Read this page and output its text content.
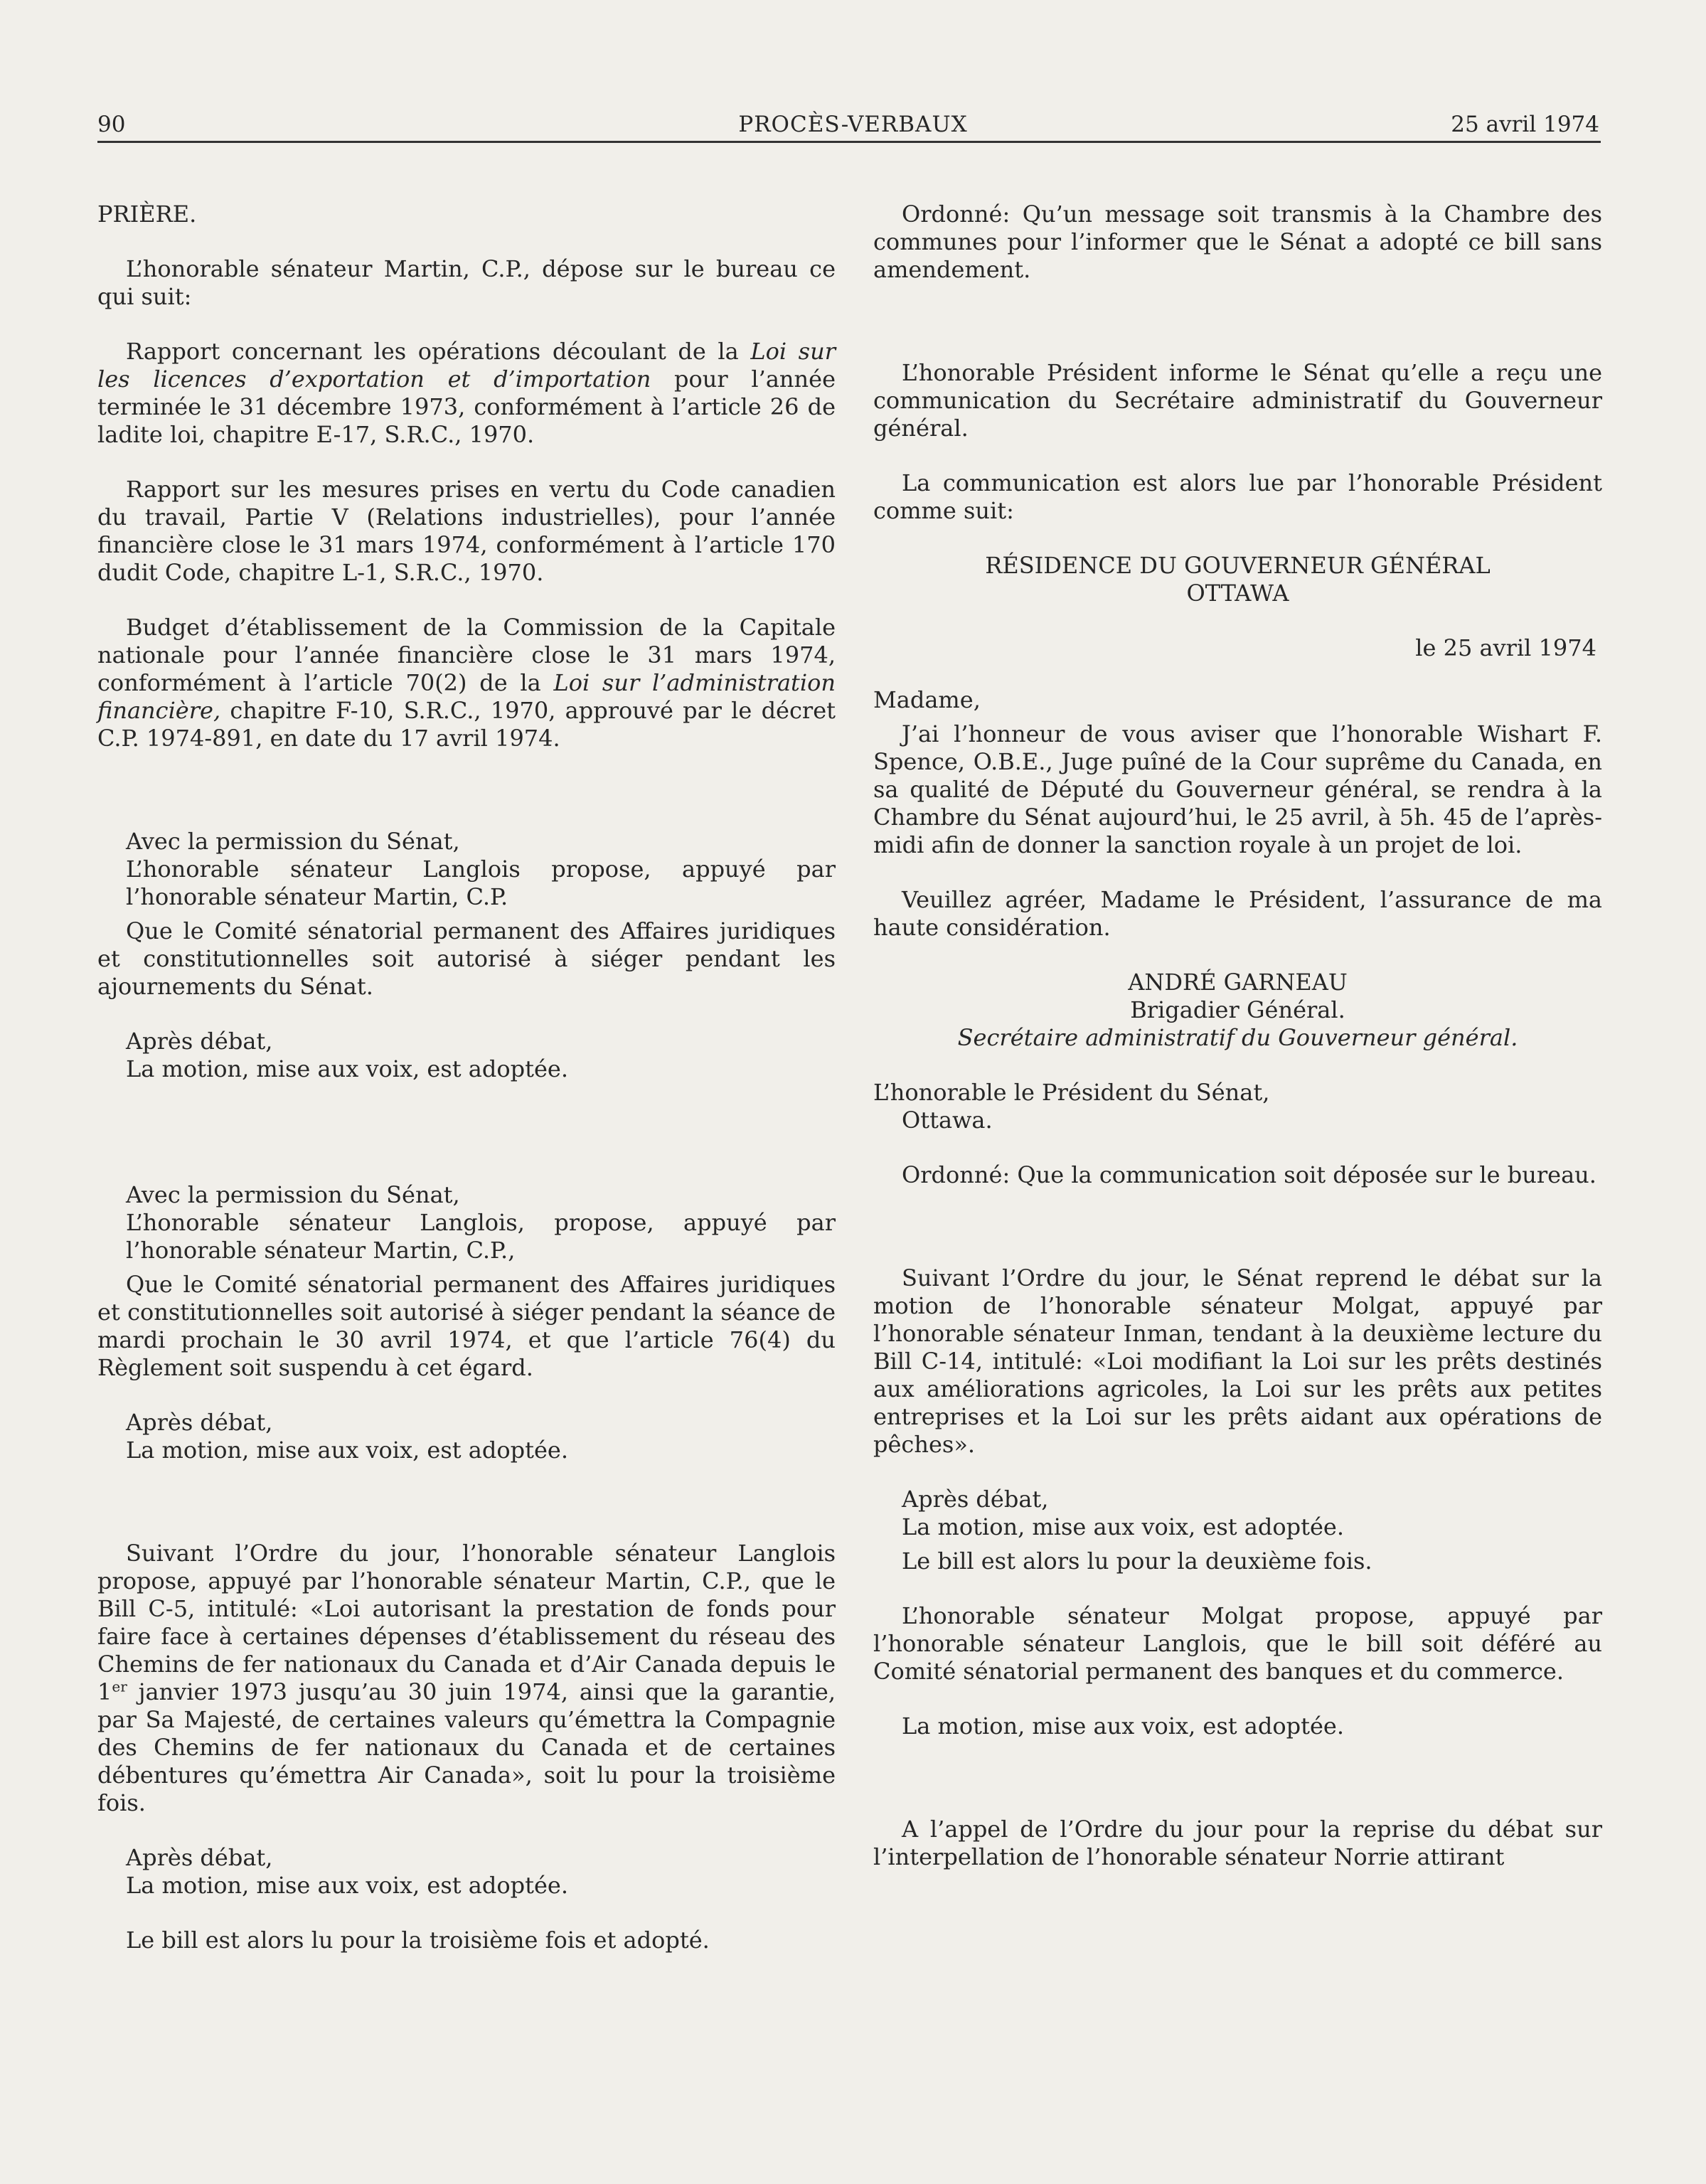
PROCÈS-VERBAUX
90	25 avril 1974

PRIÈRE.

L’honorable sénateur Martin, C.P., dépose sur le bureau ce qui suit:

Rapport concernant les opérations découlant de la Loi sur les licences d’exportation et d’importation pour l’année terminée le 31 décembre 1973, conformément à l’article 26 de ladite loi, chapitre E-17, S.R.C., 1970.

Rapport sur les mesures prises en vertu du Code canadien du travail, Partie V (Relations industrielles), pour l’année financière close le 31 mars 1974, conformément à l’article 170 dudit Code, chapitre L-1, S.R.C., 1970.

Budget d’établissement de la Commission de la Capitale nationale pour l’année financière close le 31 mars 1974, conformément à l’article 70(2) de la Loi sur l’administration financière, chapitre F-10, S.R.C., 1970, approuvé par le décret C.P. 1974-891, en date du 17 avril 1974.

Avec la permission du Sénat,
L’honorable sénateur Langlois propose, appuyé par l’honorable sénateur Martin, C.P.

Que le Comité sénatorial permanent des Affaires juridiques et constitutionnelles soit autorisé à siéger pendant les ajournements du Sénat.

Après débat,
La motion, mise aux voix, est adoptée.

Avec la permission du Sénat,
L’honorable sénateur Langlois, propose, appuyé par l’honorable sénateur Martin, C.P.,

Que le Comité sénatorial permanent des Affaires juridiques et constitutionnelles soit autorisé à siéger pendant la séance de mardi prochain le 30 avril 1974, et que l’article 76(4) du Règlement soit suspendu à cet égard.

Après débat,
La motion, mise aux voix, est adoptée.

Suivant l’Ordre du jour, l’honorable sénateur Langlois propose, appuyé par l’honorable sénateur Martin, C.P., que le Bill C-5, intitulé: «Loi autorisant la prestation de fonds pour faire face à certaines dépenses d’établissement du réseau des Chemins de fer nationaux du Canada et d’Air Canada depuis le 1er janvier 1973 jusqu’au 30 juin 1974, ainsi que la garantie, par Sa Majesté, de certaines valeurs qu’émettra la Compagnie des Chemins de fer nationaux du Canada et de certaines débentures qu’émettra Air Canada», soit lu pour la troisième fois.

Après débat,
La motion, mise aux voix, est adoptée.

Le bill est alors lu pour la troisième fois et adopté.

Ordonné: Qu’un message soit transmis à la Chambre des communes pour l’informer que le Sénat a adopté ce bill sans amendement.

L’honorable Président informe le Sénat qu’elle a reçu une communication du Secrétaire administratif du Gouverneur général.

La communication est alors lue par l’honorable Président comme suit:

RÉSIDENCE DU GOUVERNEUR GÉNÉRAL
OTTAWA

le 25 avril 1974

Madame,

J’ai l’honneur de vous aviser que l’honorable Wishart F. Spence, O.B.E., Juge puîné de la Cour suprême du Canada, en sa qualité de Député du Gouverneur général, se rendra à la Chambre du Sénat aujourd’hui, le 25 avril, à 5h. 45 de l’après-midi afin de donner la sanction royale à un projet de loi.

Veuillez agréer, Madame le Président, l’assurance de ma haute considération.

ANDRÉ GARNEAU
Brigadier Général.
Secrétaire administratif du Gouverneur général.

L’honorable le Président du Sénat,
Ottawa.

Ordonné: Que la communication soit déposée sur le bureau.

Suivant l’Ordre du jour, le Sénat reprend le débat sur la motion de l’honorable sénateur Molgat, appuyé par l’honorable sénateur Inman, tendant à la deuxième lecture du Bill C-14, intitulé: «Loi modifiant la Loi sur les prêts destinés aux améliorations agricoles, la Loi sur les prêts aux petites entreprises et la Loi sur les prêts aidant aux opérations de pêches».

Après débat,
La motion, mise aux voix, est adoptée.

Le bill est alors lu pour la deuxième fois.

L’honorable sénateur Molgat propose, appuyé par l’honorable sénateur Langlois, que le bill soit déféré au Comité sénatorial permanent des banques et du commerce.

La motion, mise aux voix, est adoptée.

A l’appel de l’Ordre du jour pour la reprise du débat sur l’interpellation de l’honorable sénateur Norrie attirant
